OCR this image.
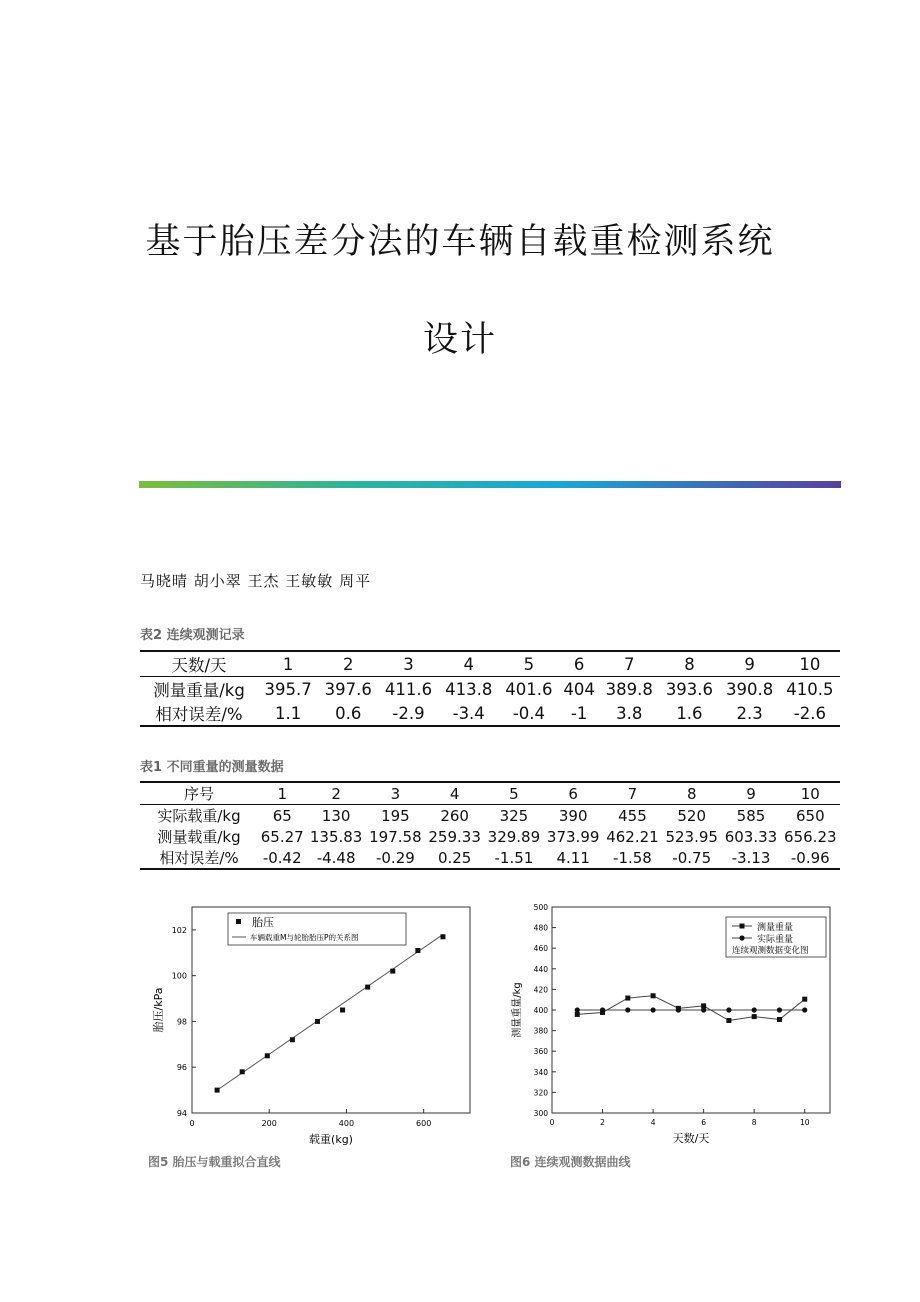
基于胎压差分法的车辆自载重检测系统
设计
马晓晴 胡小翠 王杰 王敏敏 周平
表2 连续观测记录
天数/天	1	2	3	4	5	6	7	8	9	10
测量重量/kg	395.7	397.6	411.6	413.8	401.6	404	389.8	393.6	390.8	410.5
相对误差/%	1.1	0.6	-2.9	-3.4	-0.4	-1	3.8	1.6	2.3	-2.6
表1 不同重量的测量数据
序号	1	2	3	4	5	6	7	8	9	10
实际载重/kg	65	130	195	260	325	390	455	520	585	650
测量载重/kg	65.27	135.83	197.58	259.33	329.89	373.99	462.21	523.95	603.33	656.23
相对误差/%	-0.42	-4.48	-0.29	0.25	-1.51	4.11	-1.58	-0.75	-3.13	-0.96
0	200	400	600
94
96
98
100
102
载重(kg)
胎压/kPa
胎压
车辆载重M与轮胎胎压P的关系图
0	2	4	6	8	10
300
320
340
360
380
400
420
440
460
480
500
天数/天
测量重量/kg
测量重量
实际重量
连续观测数据变化图
图5 胎压与载重拟合直线	图6 连续观测数据曲线
